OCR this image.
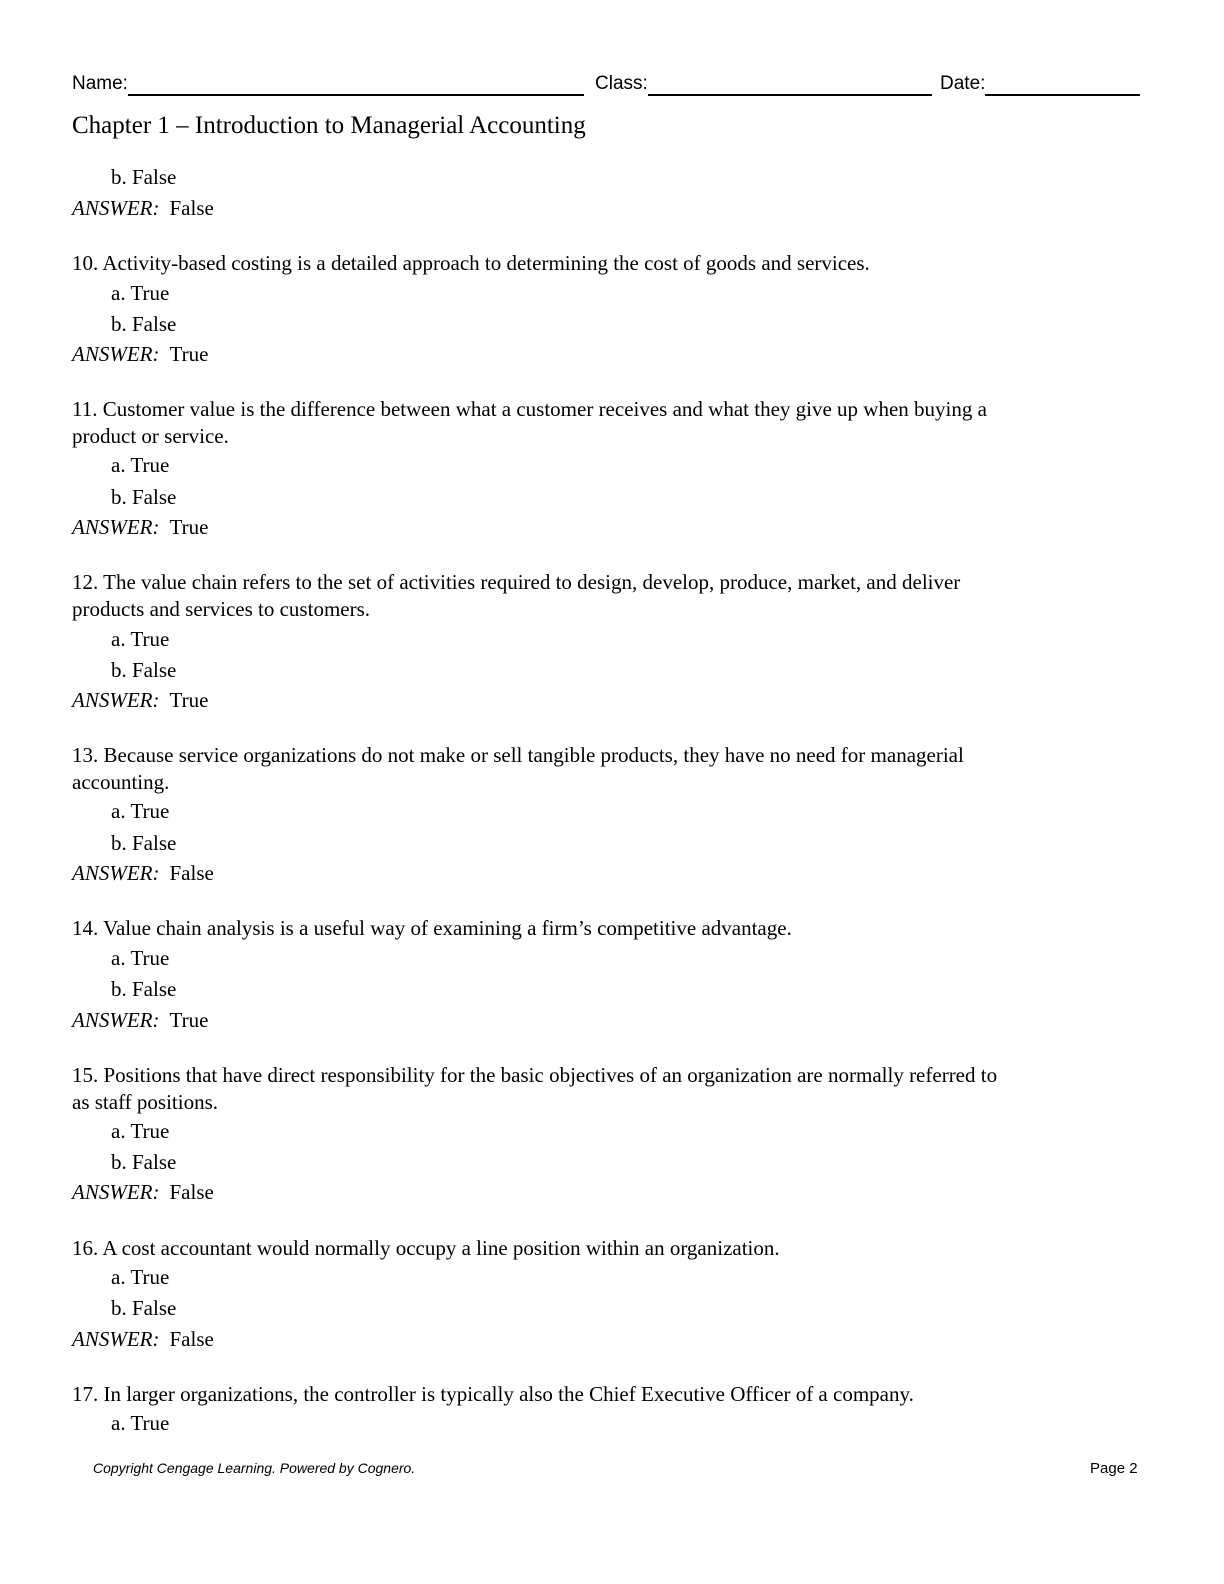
Name:	Class:	Date:
Chapter 1 – Introduction to Managerial Accounting
b. False
ANSWER: False
10. Activity-based costing is a detailed approach to determining the cost of goods and services.
a. True
b. False
ANSWER: True
11. Customer value is the difference between what a customer receives and what they give up when buying a
product or service.
a. True
b. False
ANSWER: True
12. The value chain refers to the set of activities required to design, develop, produce, market, and deliver
products and services to customers.
a. True
b. False
ANSWER: True
13. Because service organizations do not make or sell tangible products, they have no need for managerial
accounting.
a. True
b. False
ANSWER: False
14. Value chain analysis is a useful way of examining a firm’s competitive advantage.
a. True
b. False
ANSWER: True
15. Positions that have direct responsibility for the basic objectives of an organization are normally referred to
as staff positions.
a. True
b. False
ANSWER: False
16. A cost accountant would normally occupy a line position within an organization.
a. True
b. False
ANSWER: False
17. In larger organizations, the controller is typically also the Chief Executive Officer of a company.
a. True
Copyright Cengage Learning. Powered by Cognero.	Page 2
